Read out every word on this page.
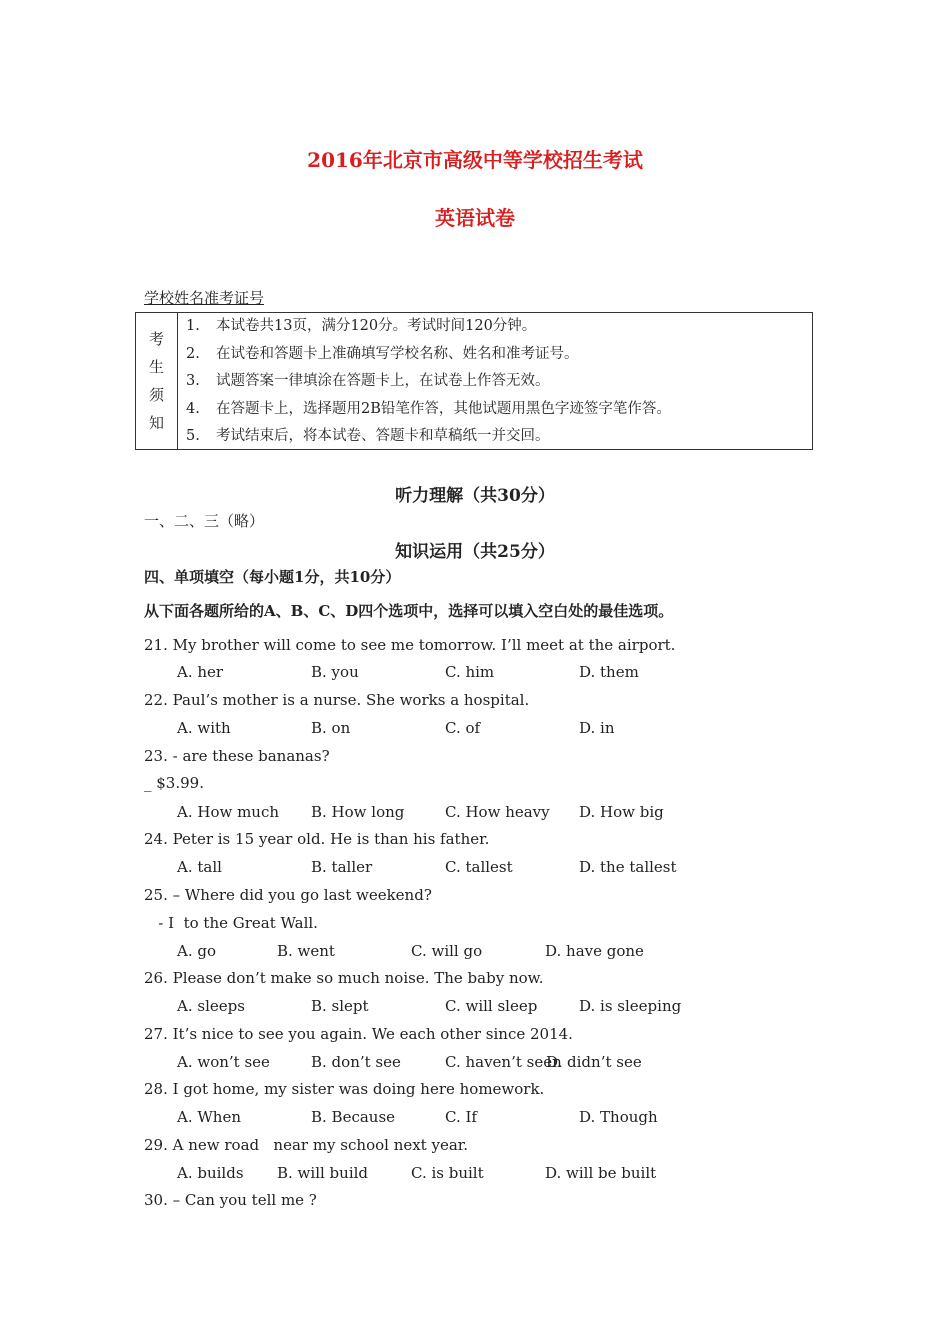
2016年北京市高级中等学校招生考试
英语试卷
学校姓名准考证号
考
生
须
知
1.	本试卷共13页，满分120分。考试时间120分钟。
2.	在试卷和答题卡上准确填写学校名称、姓名和准考证号。
3.	试题答案一律填涂在答题卡上，在试卷上作答无效。
4.	在答题卡上，选择题用2B铅笔作答，其他试题用黑色字迹签字笔作答。
5.	考试结束后，将本试卷、答题卡和草稿纸一并交回。
听力理解（共30分）
一、二、三（略）
知识运用（共25分）
四、单项填空（每小题1分，共10分）
从下面各题所给的A、B、C、D四个选项中，选择可以填入空白处的最佳选项。
21. My brother will come to see me tomorrow. I’ll meet at the airport.
A. her	B. you	C. him	D. them
22. Paul’s mother is a nurse. She works a hospital.
A. with	B. on	C. of	D. in
23. - are these bananas?
_ $3.99.
A. How much B. How long	C. How heavy D. How big
24. Peter is 15 year old. He is than his father.
A. tall	B. taller	C. tallest	D. the tallest
25. – Where did you go last weekend?
- I  to the Great Wall.
A. go	B. went	C. will go	D. have gone
26. Please don’t make so much noise. The baby now.
A. sleeps	B. slept	C. will sleep	D. is sleeping
27. It’s nice to see you again. We each other since 2014.
A. won’t see	B. don’t see	C. haven’t seen
D. didn’t see
28. I got home, my sister was doing here homework.
A. When	B. Because	C. If	D. Though
29. A new road   near my school next year.
A. builds B. will build	C. is built	D. will be built
30. – Can you tell me ?
